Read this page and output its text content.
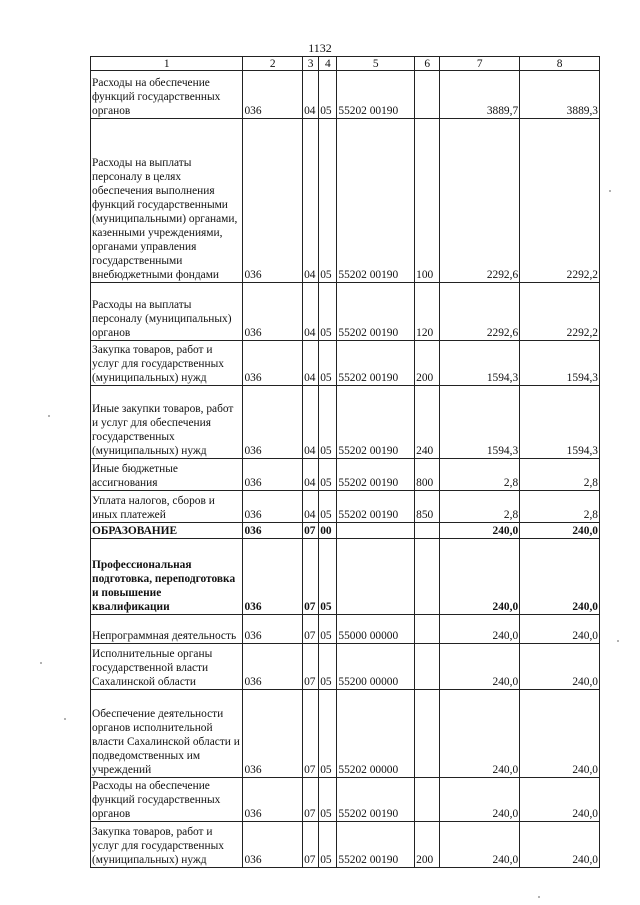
1132
1	2	3	4	5	6	7	8
Расходы на обеспечение функций государственных органов	036	04	05	55202 00190		3889,7	3889,3
Расходы на выплаты персоналу в целях обеспечения выполнения функций государственными (муниципальными) органами, казенными учреждениями, органами управления государственными внебюджетными фондами	036	04	05	55202 00190	100	2292,6	2292,2
Расходы на выплаты персоналу (муниципальных) органов	036	04	05	55202 00190	120	2292,6	2292,2
Закупка товаров, работ и услуг для государственных (муниципальных) нужд	036	04	05	55202 00190	200	1594,3	1594,3
Иные закупки товаров, работ и услуг для обеспечения государственных (муниципальных) нужд	036	04	05	55202 00190	240	1594,3	1594,3
Иные бюджетные ассигнования	036	04	05	55202 00190	800	2,8	2,8
Уплата налогов, сборов и иных платежей	036	04	05	55202 00190	850	2,8	2,8
ОБРАЗОВАНИЕ	036	07	00			240,0	240,0
Профессиональная подготовка, переподготовка и повышение квалификации	036	07	05			240,0	240,0
Непрограммная деятельность	036	07	05	55000 00000		240,0	240,0
Исполнительные органы государственной власти Сахалинской области	036	07	05	55200 00000		240,0	240,0
Обеспечение деятельности органов исполнительной власти Сахалинской области и подведомственных им учреждений	036	07	05	55202 00000		240,0	240,0
Расходы на обеспечение функций государственных органов	036	07	05	55202 00190		240,0	240,0
Закупка товаров, работ и услуг для государственных (муниципальных) нужд	036	07	05	55202 00190	200	240,0	240,0
